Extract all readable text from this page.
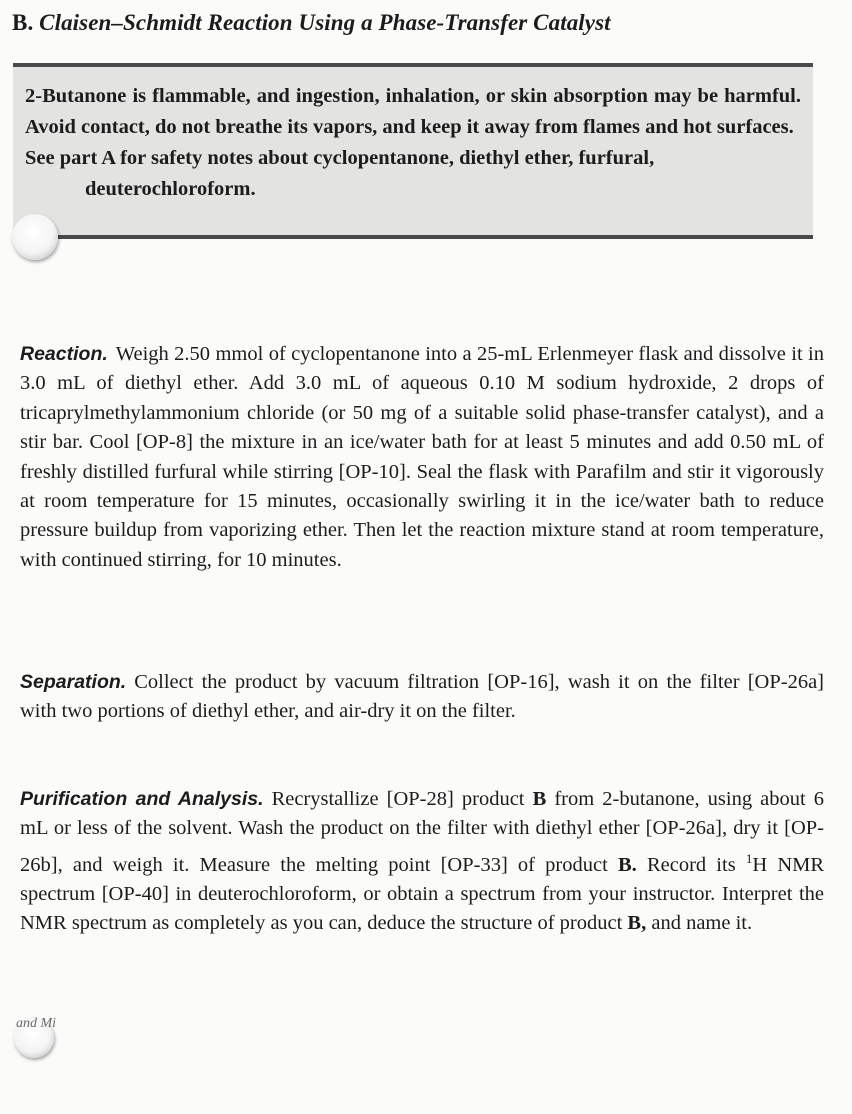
B. Claisen–Schmidt Reaction Using a Phase-Transfer Catalyst

2-Butanone is flammable, and ingestion, inhalation, or skin absorption may be harmful. Avoid contact, do not breathe its vapors, and keep it away from flames and hot surfaces.

See part A for safety notes about cyclopentanone, diethyl ether, furfural,

deuterochloroform.

Reaction. Weigh 2.50 mmol of cyclopentanone into a 25-mL Erlenmeyer flask and dissolve it in 3.0 mL of diethyl ether. Add 3.0 mL of aqueous 0.10 M sodium hydroxide, 2 drops of tricaprylmethylammonium chloride (or 50 mg of a suitable solid phase-transfer catalyst), and a stir bar. Cool [OP-8] the mixture in an ice/water bath for at least 5 minutes and add 0.50 mL of freshly distilled furfural while stirring [OP-10]. Seal the flask with Parafilm and stir it vigorously at room temperature for 15 minutes, occasionally swirling it in the ice/water bath to reduce pressure buildup from vaporizing ether. Then let the reaction mixture stand at room temperature, with continued stirring, for 10 minutes.

Separation. Collect the product by vacuum filtration [OP-16], wash it on the filter [OP-26a] with two portions of diethyl ether, and air-dry it on the filter.

Purification and Analysis. Recrystallize [OP-28] product B from 2-butanone, using about 6 mL or less of the solvent. Wash the product on the filter with diethyl ether [OP-26a], dry it [OP-26b], and weigh it. Measure the melting point [OP-33] of product B. Record its $^1$H NMR spectrum [OP-40] in deuterochloroform, or obtain a spectrum from your instructor. Interpret the NMR spectrum as completely as you can, deduce the structure of product B, and name it.

and Mi
